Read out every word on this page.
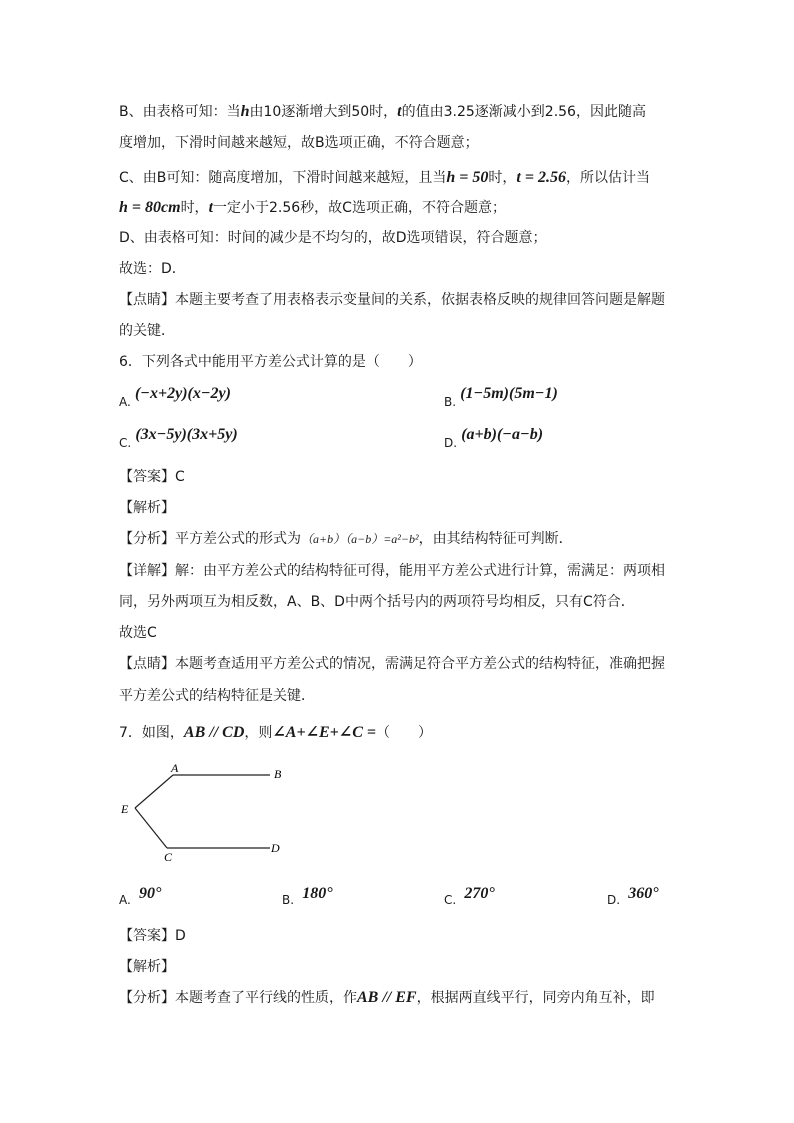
B、由表格可知：当h由10逐渐增大到50时，t的值由3.25逐渐减小到2.56，因此随高
度增加，下滑时间越来越短，故B选项正确，不符合题意；
C、由B可知：随高度增加，下滑时间越来越短，且当h = 50时，t = 2.56，所以估计当
h = 80cm时，t一定小于2.56秒，故C选项正确，不符合题意；
D、由表格可知：时间的减少是不均匀的，故D选项错误，符合题意；
故选：D．
【点睛】本题主要考查了用表格表示变量间的关系，依据表格反映的规律回答问题是解题
的关键．
6．下列各式中能用平方差公式计算的是（　　）
A. (−x+2y)(x−2y)	B. (1−5m)(5m−1)
C. (3x−5y)(3x+5y)	D. (a+b)(−a−b)
【答案】C
【解析】
【分析】平方差公式的形式为（a+b）（a−b）=a²−b²，由其结构特征可判断．
【详解】解：由平方差公式的结构特征可得，能用平方差公式进行计算，需满足：两项相
同，另外两项互为相反数，A、B、D中两个括号内的两项符号均相反，只有C符合．
故选C
【点睛】本题考查适用平方差公式的情况，需满足符合平方差公式的结构特征，准确把握
平方差公式的结构特征是关键．
7．如图，AB // CD，则∠A+∠E+∠C =（　　）
A	B
E
C
D
A. 90°	B. 180°	C. 270°	D. 360°
【答案】D
【解析】
【分析】本题考查了平行线的性质，作AB // EF，根据两直线平行，同旁内角互补，即
